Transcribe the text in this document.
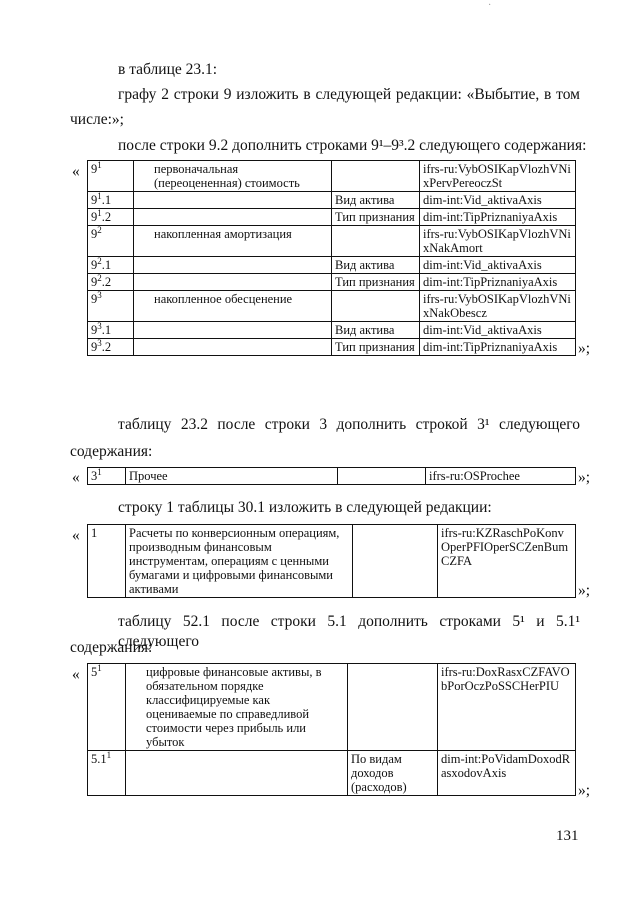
·
в таблице 23.1:
графу 2 строки 9 изложить в следующей редакции: «Выбытие, в том
числе:»;
после строки 9.2 дополнить строками 9¹–9³.2 следующего содержания:
« $9^1$	первоначальная (переоцененная) стоимость		ifrs-ru:VybOSIKapVlozhVNixPervPereoczSt
$9^1.1$		Вид актива	dim-int:Vid_aktivaAxis
$9^1.2$		Тип признания	dim-int:TipPriznaniyaAxis
$9^2$	накопленная амортизация		ifrs-ru:VybOSIKapVlozhVNixNakAmort
$9^2.1$		Вид актива	dim-int:Vid_aktivaAxis
$9^2.2$		Тип признания	dim-int:TipPriznaniyaAxis
$9^3$	накопленное обесценение		ifrs-ru:VybOSIKapVlozhVNixNakObescz
$9^3.1$		Вид актива	dim-int:Vid_aktivaAxis
$9^3.2$		Тип признания	dim-int:TipPriznaniyaAxis »;
таблицу 23.2 после строки 3 дополнить строкой 3¹ следующего
содержания:
« $3^1$	Прочее		ifrs-ru:OSProchee	»;
строку 1 таблицы 30.1 изложить в следующей редакции:
« 1	Расчеты по конверсионным операциям, производным финансовым инструментам, операциям с ценными бумагами и цифровыми финансовыми активами		ifrs-ru:KZRaschPoKonvOperPFIOperSCZenBumCZFA
»;
таблицу 52.1 после строки 5.1 дополнить строками 5¹ и 5.1¹ следующего
содержания:
« $5^1$	цифровые финансовые активы, в обязательном порядке классифицируемые как оцениваемые по справедливой стоимости через прибыль или убыток		ifrs-ru:DoxRasxCZFAVObPorOczPoSSCHerPIU
$5.1^1$		По видам доходов (расходов)	dim-int:PoVidamDoxodRasxodovAxis
»;
131
